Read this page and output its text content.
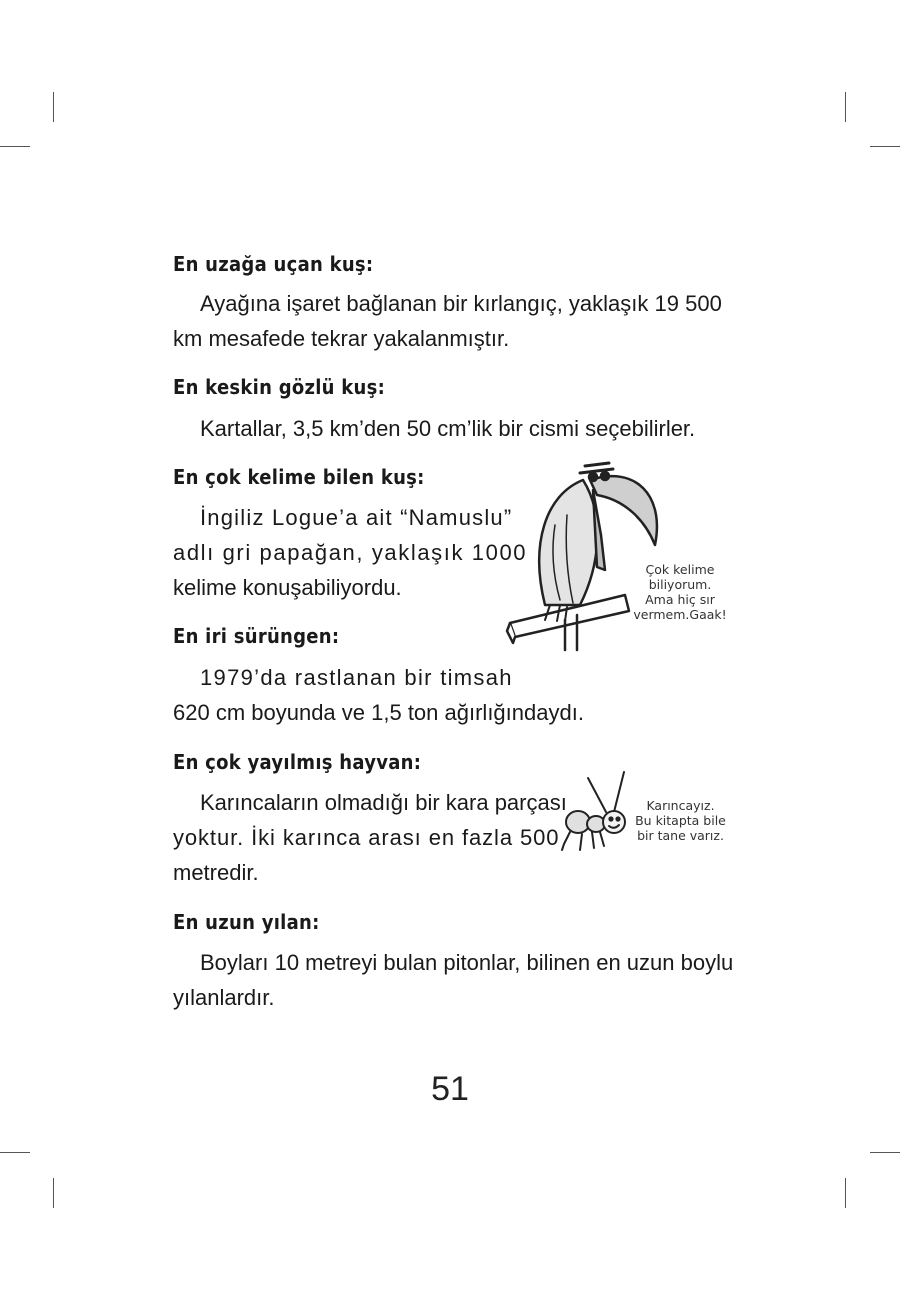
En uzağa uçan kuş:
Ayağına işaret bağlanan bir kırlangıç, yaklaşık 19 500
km mesafede tekrar yakalanmıştır.
En keskin gözlü kuş:
Kartallar, 3,5 km’den 50 cm’lik bir cismi seçebilirler.
En çok kelime bilen kuş:
İngiliz Logue’a ait “Namuslu”
adlı gri papağan, yaklaşık 1000
kelime konuşabiliyordu.
En iri sürüngen:
1979’da rastlanan bir timsah
620 cm boyunda ve 1,5 ton ağırlığındaydı.
En çok yayılmış hayvan:
Karıncaların olmadığı bir kara parçası
yoktur. İki karınca arası en fazla 500
metredir.
En uzun yılan:
Boyları 10 metreyi bulan pitonlar, bilinen en uzun boylu
yılanlardır.
Çok kelime
biliyorum.
Ama hiç sır
vermem.Gaak!
Karıncayız.
Bu kitapta bile
bir tane varız.
51
